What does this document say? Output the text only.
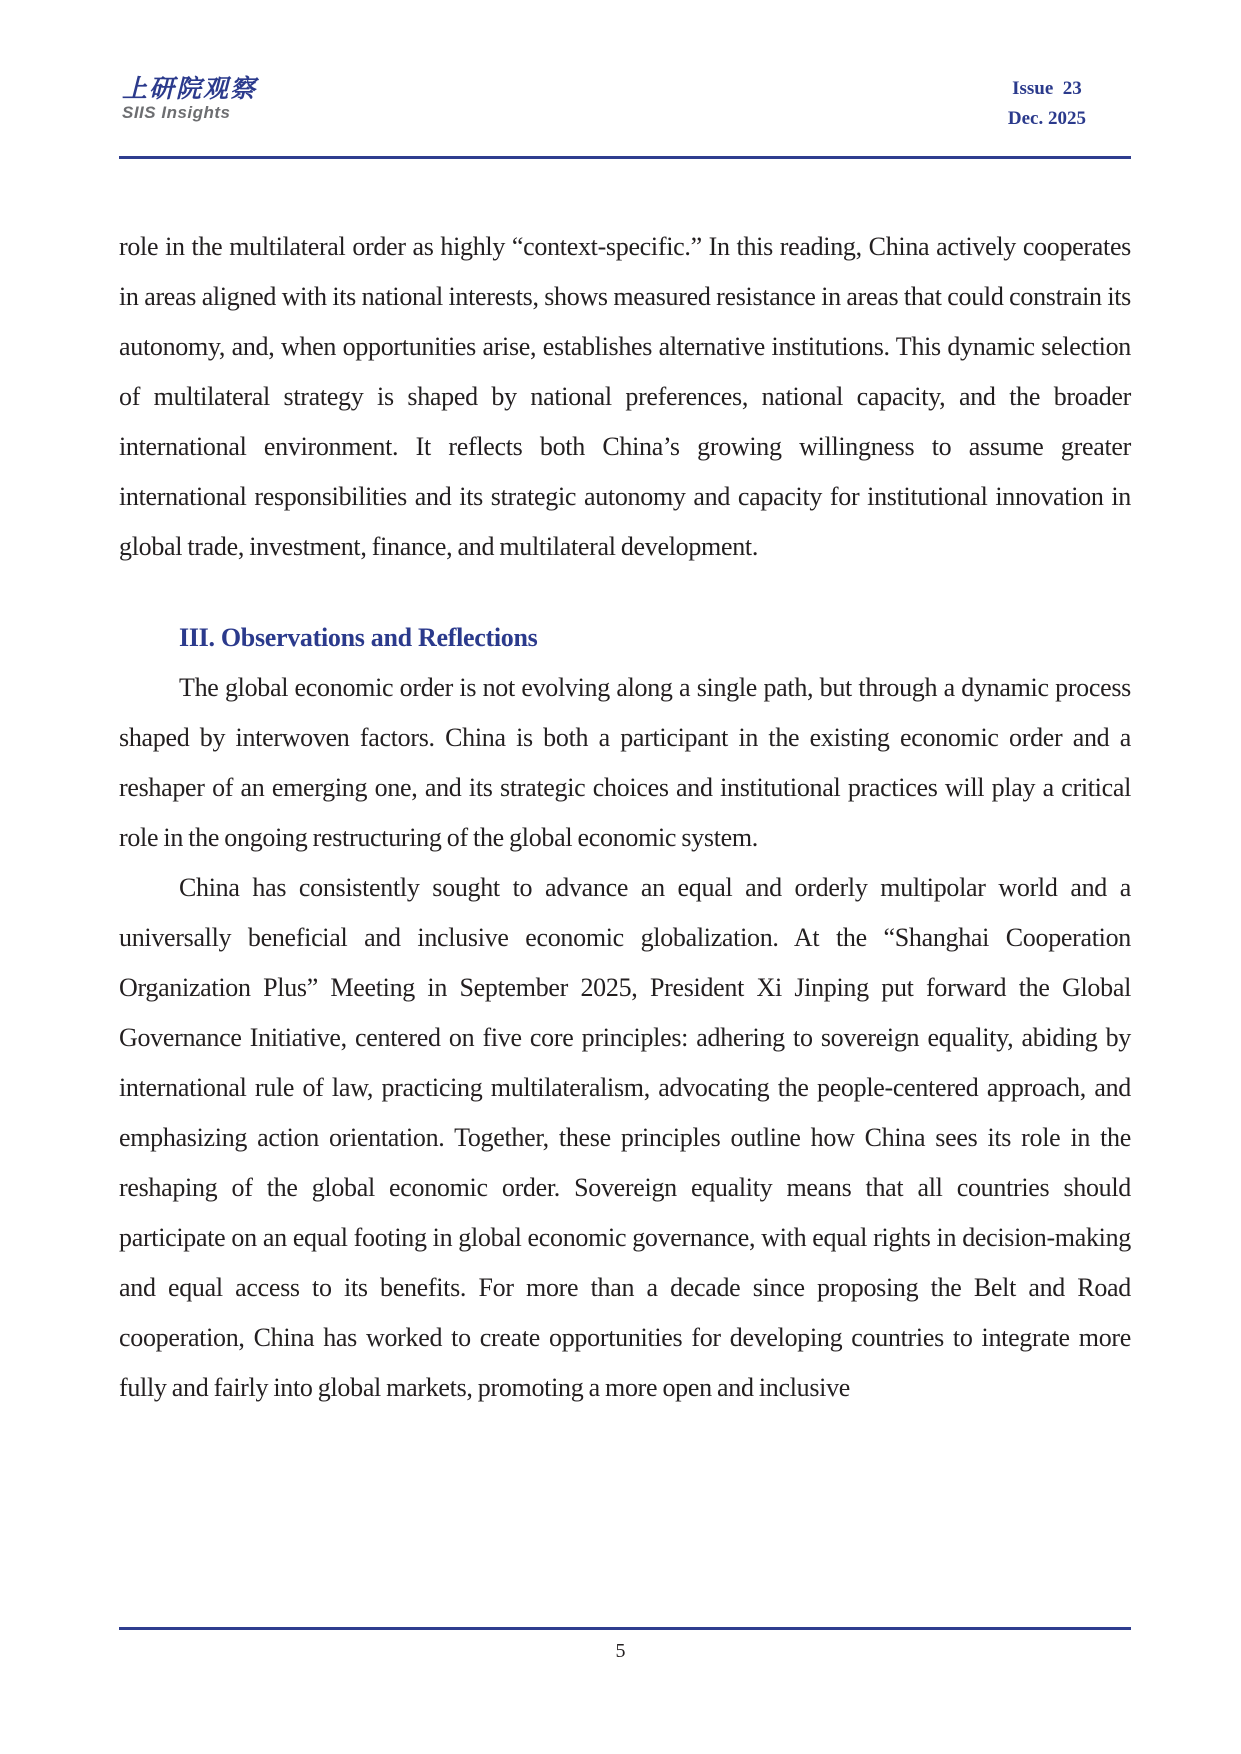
上研院观察
SIIS Insights
Issue  23
Dec. 2025

role in the multilateral order as highly “context-specific.” In this reading, China actively cooperates in areas aligned with its national interests, shows measured resistance in areas that could constrain its autonomy, and, when opportunities arise, establishes alternative institutions. This dynamic selection of multilateral strategy is shaped by national preferences, national capacity, and the broader international environment. It reflects both China’s growing willingness to assume greater international responsibilities and its strategic autonomy and capacity for institutional innovation in global trade, investment, finance, and multilateral development.

III. Observations and Reflections

The global economic order is not evolving along a single path, but through a dynamic process shaped by interwoven factors. China is both a participant in the existing economic order and a reshaper of an emerging one, and its strategic choices and institutional practices will play a critical role in the ongoing restructuring of the global economic system.

China has consistently sought to advance an equal and orderly multipolar world and a universally beneficial and inclusive economic globalization. At the “Shanghai Cooperation Organization Plus” Meeting in September 2025, President Xi Jinping put forward the Global Governance Initiative, centered on five core principles: adhering to sovereign equality, abiding by international rule of law, practicing multilateralism, advocating the people-centered approach, and emphasizing action orientation. Together, these principles outline how China sees its role in the reshaping of the global economic order. Sovereign equality means that all countries should participate on an equal footing in global economic governance, with equal rights in decision-making and equal access to its benefits. For more than a decade since proposing the Belt and Road cooperation, China has worked to create opportunities for developing countries to integrate more fully and fairly into global markets, promoting a more open and inclusive

5
